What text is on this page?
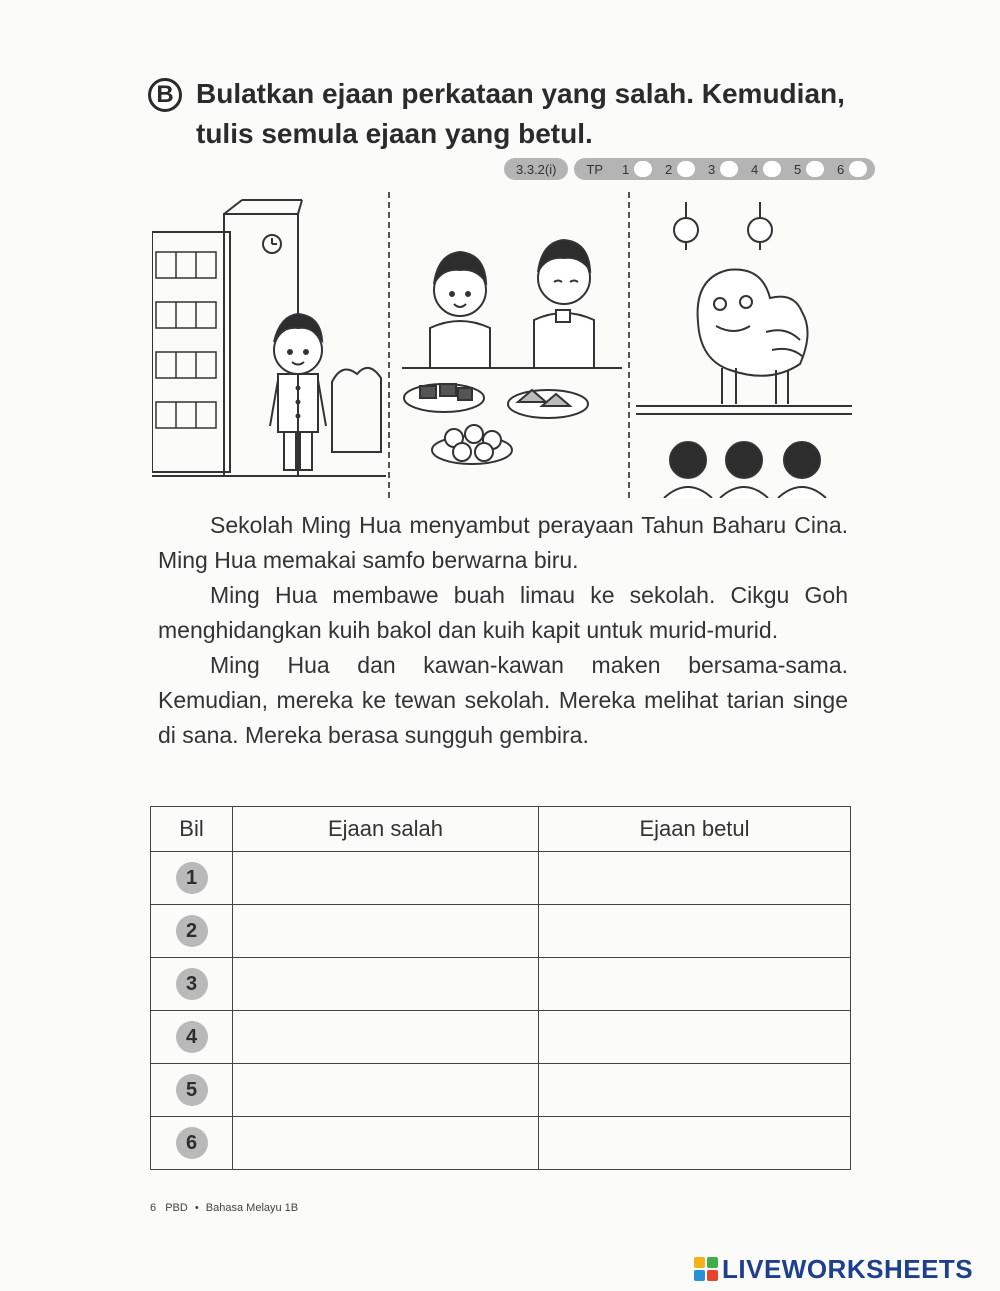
B Bulatkan ejaan perkataan yang salah. Kemudian, tulis semula ejaan yang betul.
3.3.2(i)	TP	1	2	3	4	5	6

Sekolah Ming Hua menyambut perayaan Tahun Baharu Cina. Ming Hua memakai samfo berwarna biru.

Ming Hua membawe buah limau ke sekolah. Cikgu Goh menghidangkan kuih bakol dan kuih kapit untuk murid-murid.

Ming Hua dan kawan-kawan maken bersama-sama. Kemudian, mereka ke tewan sekolah. Mereka melihat tarian singe di sana. Mereka berasa sungguh gembira.

Bil	Ejaan salah	Ejaan betul

1		

2		

3		

4		

5		

6		

6 PBD • Bahasa Melayu 1B
LIVEWORKSHEETS
